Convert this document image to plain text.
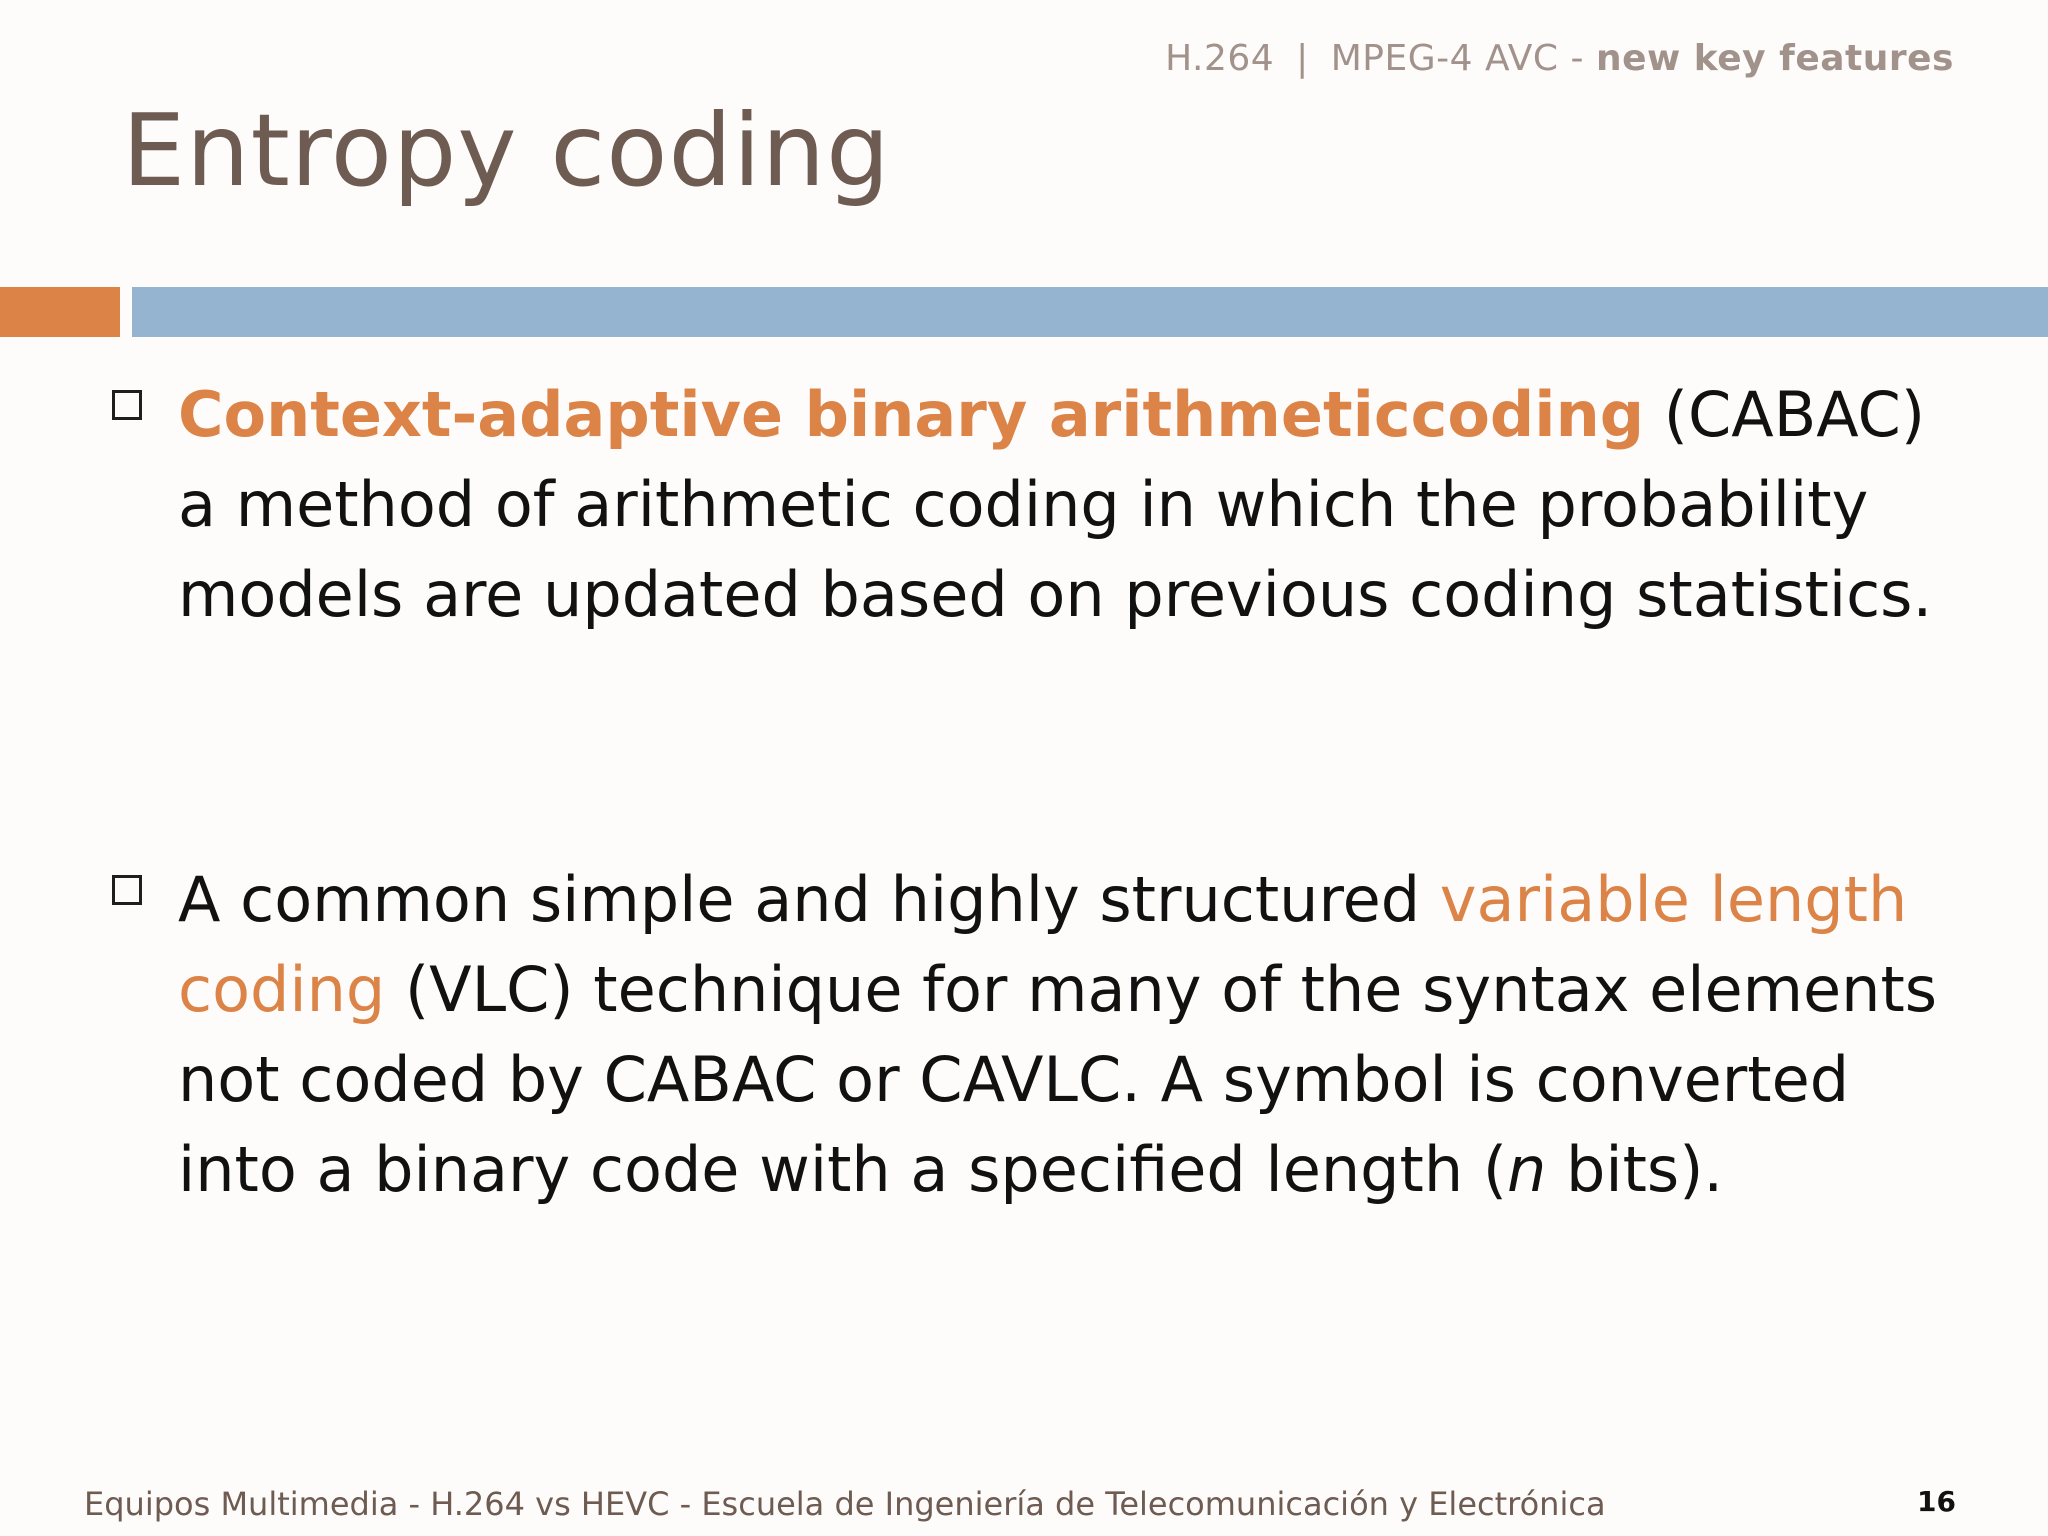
H.264 | MPEG-4 AVC - new key features
Entropy coding

Context-adaptive binary arithmeticcoding (CABAC) a method of arithmetic coding in which the probability models are updated based on previous coding statistics.

A common simple and highly structured variable length coding (VLC) technique for many of the syntax elements not coded by CABAC or CAVLC. A symbol is converted into a binary code with a specified length (n bits).

Equipos Multimedia - H.264 vs HEVC - Escuela de Ingeniería de Telecomunicación y Electrónica	16
